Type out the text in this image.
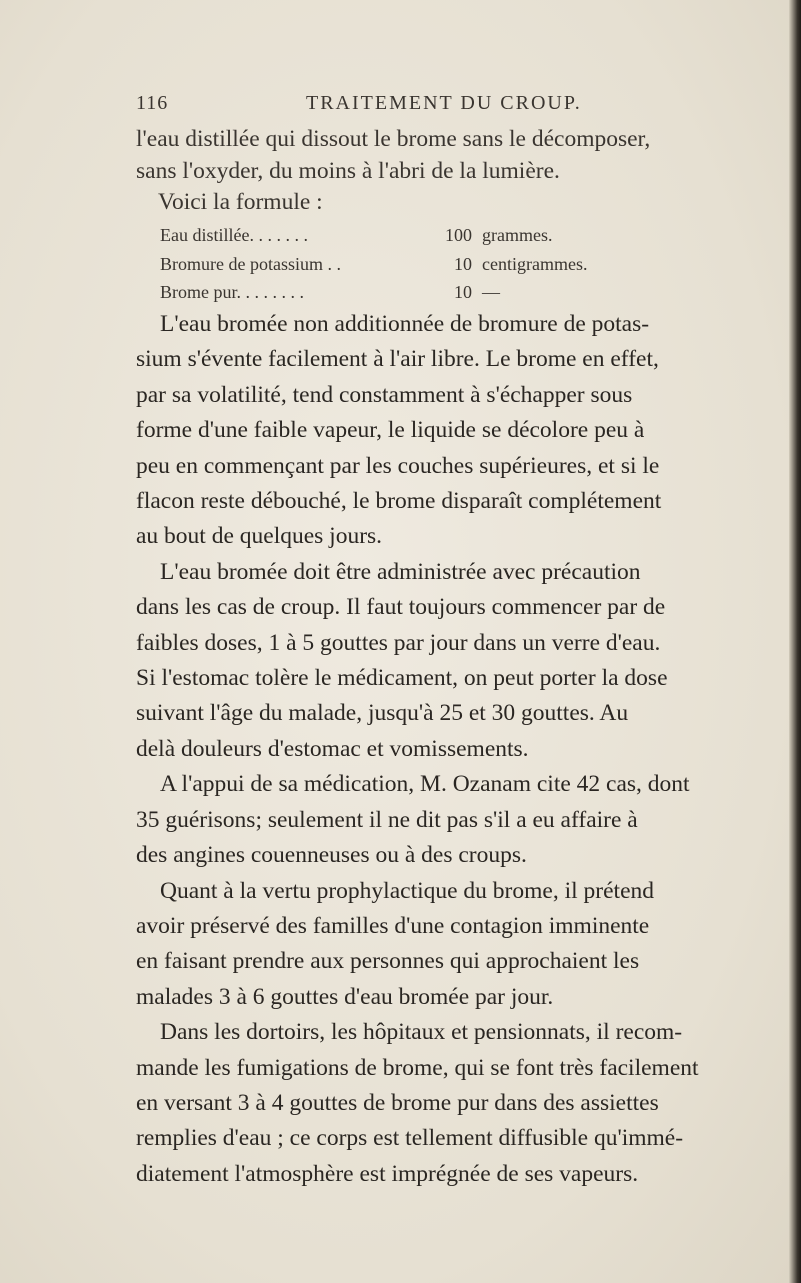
116	TRAITEMENT DU CROUP.

l'eau distillée qui dissout le brome sans le décomposer,
sans l'oxyder, du moins à l'abri de la lumière.
Voici la formule :

Eau distillée. . . . . . .	100 grammes.
Bromure de potassium . .	10 centigrammes.
Brome pur. . . . . . . .	10 —

L'eau bromée non additionnée de bromure de potas-
sium s'évente facilement à l'air libre. Le brome en effet,
par sa volatilité, tend constamment à s'échapper sous
forme d'une faible vapeur, le liquide se décolore peu à
peu en commençant par les couches supérieures, et si le
flacon reste débouché, le brome disparaît complétement
au bout de quelques jours.

L'eau bromée doit être administrée avec précaution
dans les cas de croup. Il faut toujours commencer par de
faibles doses, 1 à 5 gouttes par jour dans un verre d'eau.
Si l'estomac tolère le médicament, on peut porter la dose
suivant l'âge du malade, jusqu'à 25 et 30 gouttes. Au
delà douleurs d'estomac et vomissements.

A l'appui de sa médication, M. Ozanam cite 42 cas, dont
35 guérisons; seulement il ne dit pas s'il a eu affaire à
des angines couenneuses ou à des croups.

Quant à la vertu prophylactique du brome, il prétend
avoir préservé des familles d'une contagion imminente
en faisant prendre aux personnes qui approchaient les
malades 3 à 6 gouttes d'eau bromée par jour.

Dans les dortoirs, les hôpitaux et pensionnats, il recom-
mande les fumigations de brome, qui se font très facilement
en versant 3 à 4 gouttes de brome pur dans des assiettes
remplies d'eau ; ce corps est tellement diffusible qu'immé-
diatement l'atmosphère est imprégnée de ses vapeurs.
